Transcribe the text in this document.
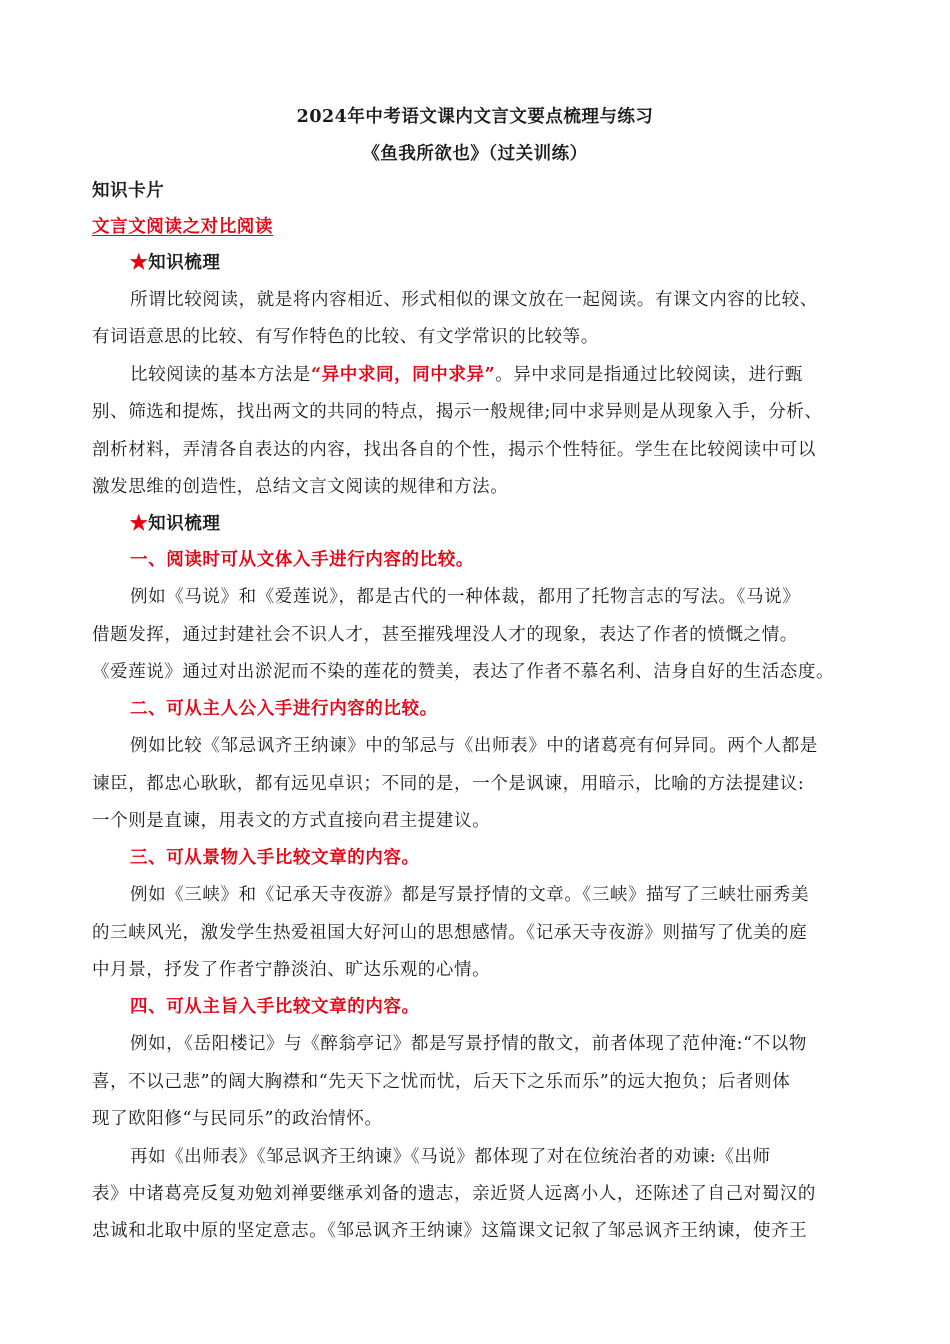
2024年中考语文课内文言文要点梳理与练习
《鱼我所欲也》（过关训练）
知识卡片
文言文阅读之对比阅读
★知识梳理
所谓比较阅读，就是将内容相近、形式相似的课文放在一起阅读。有课文内容的比较、
有词语意思的比较、有写作特色的比较、有文学常识的比较等。
比较阅读的基本方法是“异中求同，同中求异”。异中求同是指通过比较阅读，进行甄
别、筛选和提炼，找出两文的共同的特点，揭示一般规律;同中求异则是从现象入手，分析、
剖析材料，弄清各自表达的内容，找出各自的个性，揭示个性特征。学生在比较阅读中可以
激发思维的创造性，总结文言文阅读的规律和方法。
★知识梳理
一、阅读时可从文体入手进行内容的比较。
例如《马说》和《爱莲说》，都是古代的一种体裁，都用了托物言志的写法。《马说》
借题发挥，通过封建社会不识人才，甚至摧残埋没人才的现象，表达了作者的愤慨之情。
《爱莲说》通过对出淤泥而不染的莲花的赞美，表达了作者不慕名利、洁身自好的生活态度。
二、可从主人公入手进行内容的比较。
例如比较《邹忌讽齐王纳谏》中的邹忌与《出师表》中的诸葛亮有何异同。两个人都是
谏臣，都忠心耿耿，都有远见卓识；不同的是，一个是讽谏，用暗示，比喻的方法提建议:
一个则是直谏，用表文的方式直接向君主提建议。
三、可从景物入手比较文章的内容。
例如《三峡》和《记承天寺夜游》都是写景抒情的文章。《三峡》描写了三峡壮丽秀美
的三峡风光，激发学生热爱祖国大好河山的思想感情。《记承天寺夜游》则描写了优美的庭
中月景，抒发了作者宁静淡泊、旷达乐观的心情。
四、可从主旨入手比较文章的内容。
例如，《岳阳楼记》与《醉翁亭记》都是写景抒情的散文，前者体现了范仲淹:“不以物
喜，不以己悲”的阔大胸襟和“先天下之忧而忧，后天下之乐而乐”的远大抱负；后者则体
现了欧阳修“与民同乐”的政治情怀。
再如《出师表》《邹忌讽齐王纳谏》《马说》都体现了对在位统治者的劝谏:《出师
表》中诸葛亮反复劝勉刘禅要继承刘备的遗志，亲近贤人远离小人，还陈述了自己对蜀汉的
忠诚和北取中原的坚定意志。《邹忌讽齐王纳谏》这篇课文记叙了邹忌讽齐王纳谏，使齐王
